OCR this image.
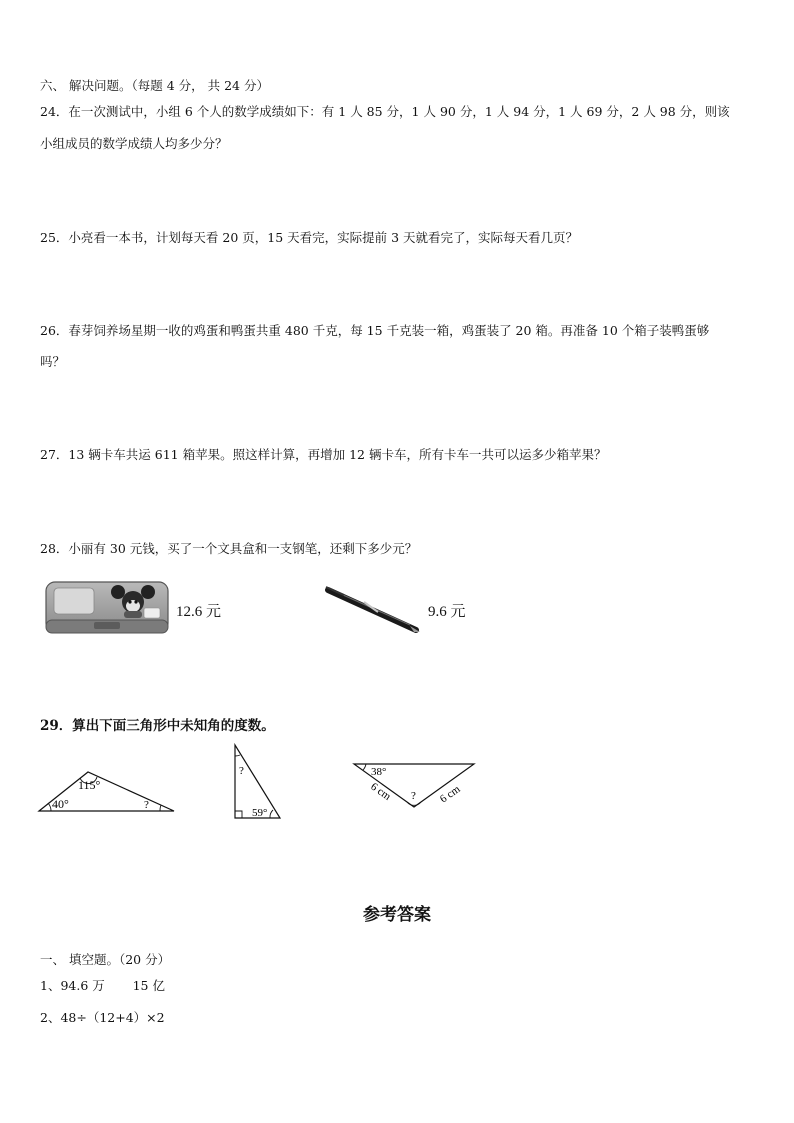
六、 解决问题。（每题 4 分， 共 24 分）
24．在一次测试中，小组 6 个人的数学成绩如下：有 1 人 85 分，1 人 90 分，1 人 94 分，1 人 69 分，2 人 98 分，则该
小组成员的数学成绩人均多少分？
25．小亮看一本书，计划每天看 20 页，15 天看完，实际提前 3 天就看完了，实际每天看几页？
26．春芽饲养场星期一收的鸡蛋和鸭蛋共重 480 千克，每 15 千克装一箱，鸡蛋装了 20 箱。再准备 10 个箱子装鸭蛋够
吗？
27．13 辆卡车共运 611 箱苹果。照这样计算，再增加 12 辆卡车，所有卡车一共可以运多少箱苹果？
28．小丽有 30 元钱，买了一个文具盒和一支钢笔，还剩下多少元？
12.6 元	9.6 元
29．算出下面三角形中未知角的度数。
115°
40°	?
?
59°
38°
?
6 cm	6 cm
参考答案
一、 填空题。（20 分）
1、94.6 万       15 亿
2、48÷（12+4）×2
